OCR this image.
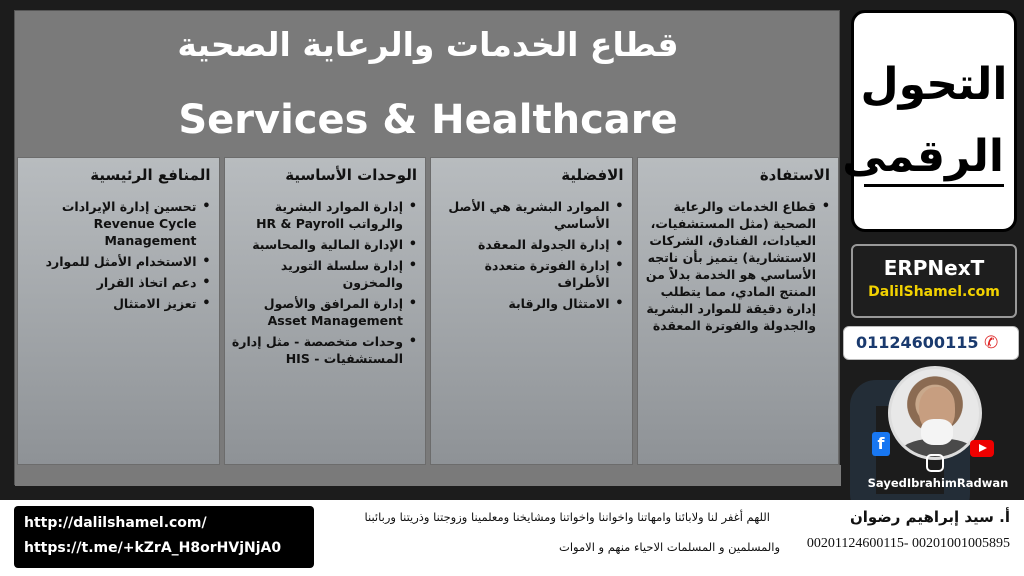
قطاع الخدمات والرعاية الصحية
Services & Healthcare
الاستفادة
• قطاع الخدمات والرعاية الصحية (مثل المستشفيات، العيادات، الفنادق، الشركات الاستشارية) يتميز بأن ناتجه الأساسي هو الخدمة بدلاً من المنتج المادي، مما يتطلب إدارة دقيقة للموارد البشرية والجدولة والفوترة المعقدة
الافضلية
• الموارد البشرية هي الأصل الأساسي
• إدارة الجدولة المعقدة
• إدارة الفوترة متعددة الأطراف
• الامتثال والرقابة
الوحدات الأساسية
• إدارة الموارد البشرية والرواتب HR & Payroll
• الإدارة المالية والمحاسبة
• إدارة سلسلة التوريد والمخزون
• إدارة المرافق والأصول Asset Management
• وحدات متخصصة - مثل إدارة المستشفيات - HIS
المنافع الرئيسية
• تحسين إدارة الإيرادات Revenue Cycle Management
• الاستخدام الأمثل للموارد
• دعم اتخاذ القرار
• تعزيز الامتثال
التحول
الرقمى
ERPNexT
DalilShamel.com
01124600115 ✆
f
SayedIbrahimRadwan
http://dalilshamel.com/
https://t.me/+kZrA_H8orHVjNjA0
اللهم أغفر لنا ولابائنا وامهاتنا واخواننا واخواتنا ومشايخنا ومعلمينا وزوجتنا وذريتنا وربائبنا
والمسلمين و المسلمات الاحياء منهم و الاموات
أ. سيد إبراهيم رضوان
00201124600115- 00201001005895
